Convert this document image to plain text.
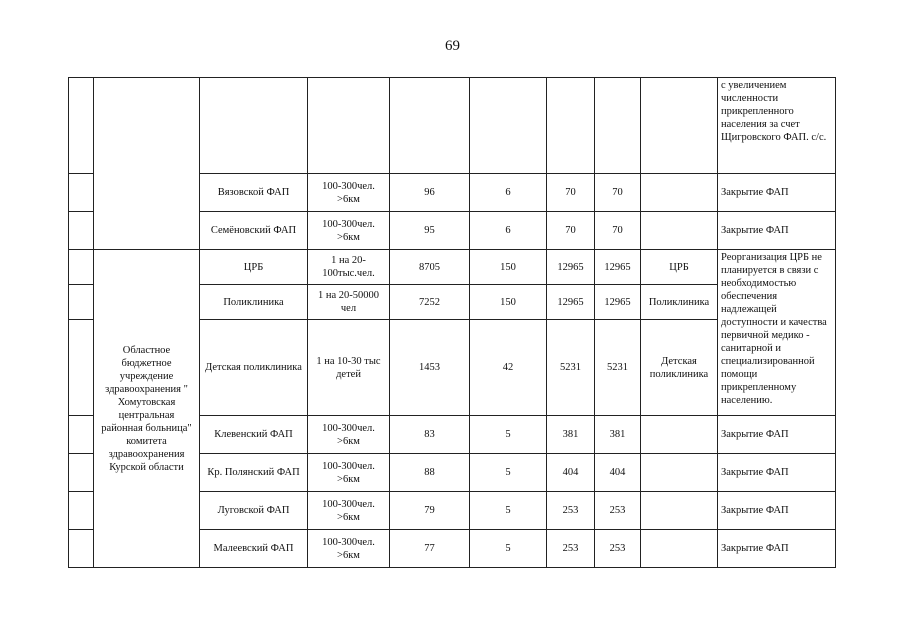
69
									с увеличением численности прикрепленного населения за счет Щигровского ФАП. с/с.
		Вязовской ФАП	100-300чел. >6км	96	6	70	70		Закрытие ФАП
		Семёновский ФАП	100-300чел. >6км	95	6	70	70		Закрытие ФАП
	Областное бюджетное учреждение здравоохранения " Хомутовская центральная районная больница" комитета здравоохранения Курской области	ЦРБ	1 на 20-100тыс.чел.	8705	150	12965	12965	ЦРБ	Реорганизация ЦРБ не планируется в связи с необходимостью обеспечения надлежащей доступности и качества первичной медико - санитарной и специализированной помощи прикрепленному населению.
		Поликлиника	1 на 20-50000 чел	7252	150	12965	12965	Поликлиника	
		Детская поликлиника	1 на 10-30 тыс детей	1453	42	5231	5231	Детская поликлиника	
		Клевенский ФАП	100-300чел. >6км	83	5	381	381		Закрытие ФАП
		Кр. Полянский ФАП	100-300чел. >6км	88	5	404	404		Закрытие ФАП
		Луговской ФАП	100-300чел. >6км	79	5	253	253		Закрытие ФАП
		Малеевский ФАП	100-300чел. >6км	77	5	253	253		Закрытие ФАП
